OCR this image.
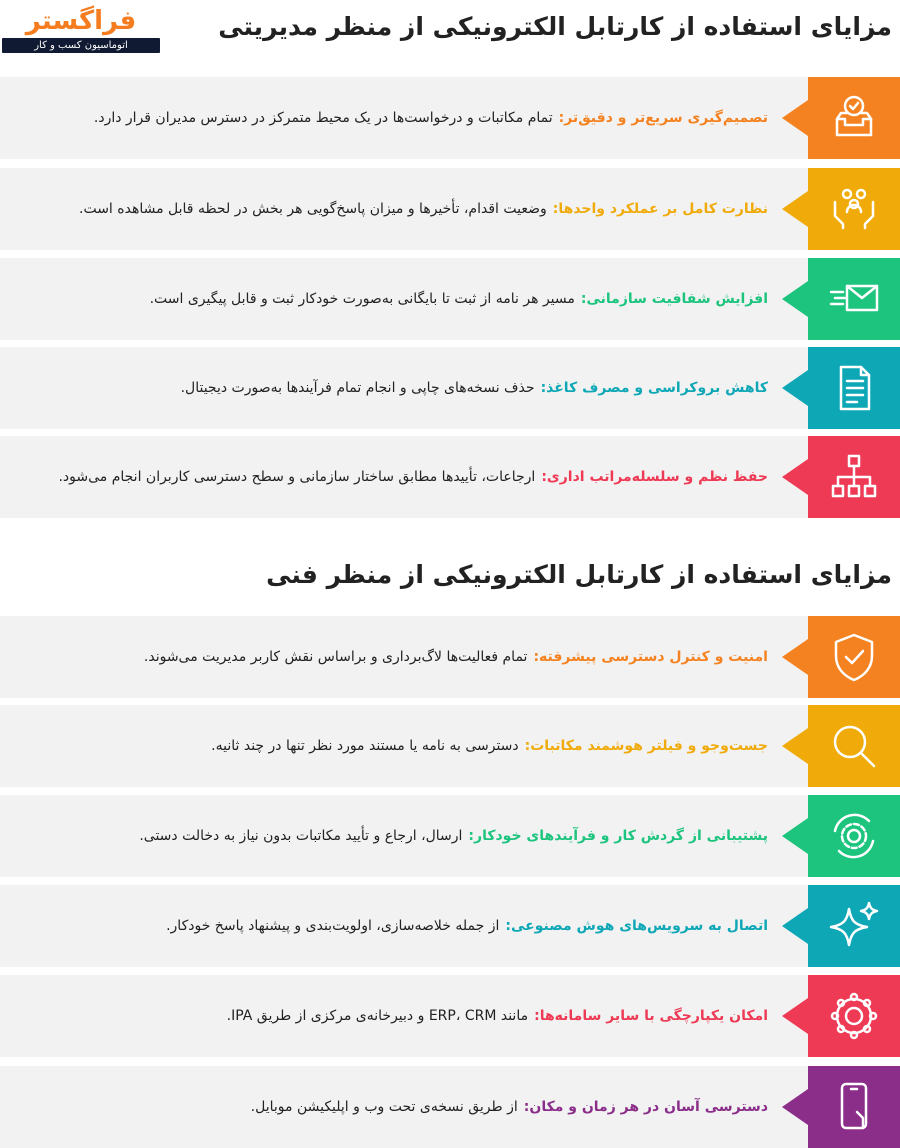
فراگستر
اتوماسیون کسب و کار
مزایای استفاده از کارتابل الکترونیکی از منظر مدیریتی
تصمیم‌گیری سریع‌تر و دقیق‌تر:
تمام مکاتبات و درخواست‌ها در یک محیط متمرکز در دسترس مدیران قرار دارد.
نظارت کامل بر عملکرد واحدها:
وضعیت اقدام، تأخیرها و میزان پاسخ‌گویی هر بخش در لحظه قابل مشاهده است.
افزایش شفافیت سازمانی:
مسیر هر نامه از ثبت تا بایگانی به‌صورت خودکار ثبت و قابل پیگیری است.
کاهش بروکراسی و مصرف کاغذ:
حذف نسخه‌های چاپی و انجام تمام فرآیندها به‌صورت دیجیتال.
حفظ نظم و سلسله‌مراتب اداری:
ارجاعات، تأییدها مطابق ساختار سازمانی و سطح دسترسی کاربران انجام می‌شود.
مزایای استفاده از کارتابل الکترونیکی از منظر فنی
امنیت و کنترل دسترسی پیشرفته:
تمام فعالیت‌ها لاگ‌برداری و براساس نقش کاربر مدیریت می‌شوند.
جست‌وجو و فیلتر هوشمند مکاتبات:
دسترسی به نامه یا مستند مورد نظر تنها در چند ثانیه.
پشتیبانی از گردش کار و فرآیندهای خودکار:
ارسال، ارجاع و تأیید مکاتبات بدون نیاز به دخالت دستی.
اتصال به سرویس‌های هوش مصنوعی:
از جمله خلاصه‌سازی، اولویت‌بندی و پیشنهاد پاسخ خودکار.
امکان یکپارچگی با سایر سامانه‌ها:
مانند ERP، CRM و دبیرخانه‌ی مرکزی از طریق IPA.
دسترسی آسان در هر زمان و مکان:
از طریق نسخه‌ی تحت وب و اپلیکیشن موبایل.
